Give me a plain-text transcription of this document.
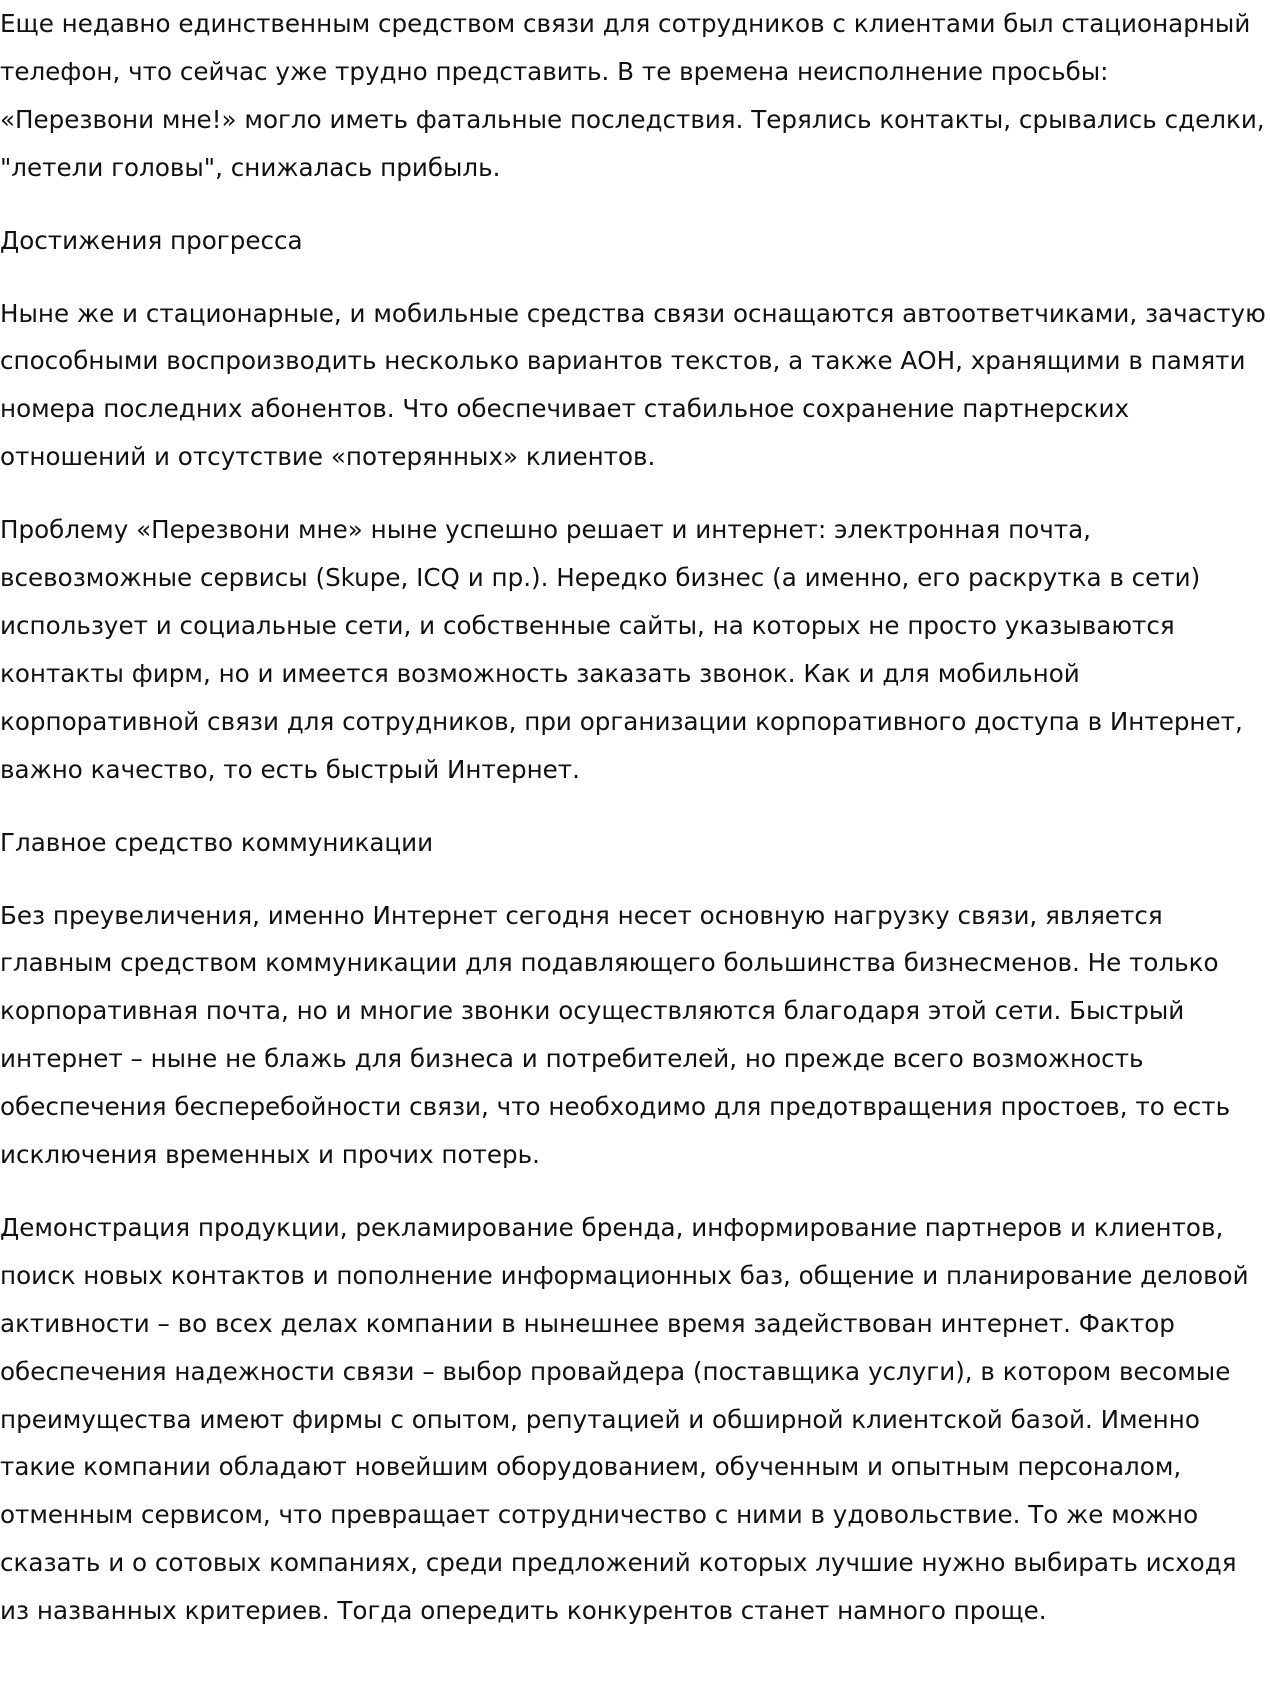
Еще недавно единственным средством связи для сотрудников с клиентами был стационарный телефон, что сейчас уже трудно представить. В те времена неисполнение просьбы: «Перезвони мне!» могло иметь фатальные последствия. Терялись контакты, срывались сделки, "летели головы", снижалась прибыль.

Достижения прогресса

Ныне же и стационарные, и мобильные средства связи оснащаются автоответчиками, зачастую способными воспроизводить несколько вариантов текстов, а также АОН, хранящими в памяти номера последних абонентов. Что обеспечивает стабильное сохранение партнерских отношений и отсутствие «потерянных» клиентов.

Проблему «Перезвони мне» ныне успешно решает и интернет: электронная почта, всевозможные сервисы (Skupe, ICQ и пр.). Нередко бизнес (а именно, его раскрутка в сети) использует и социальные сети, и собственные сайты, на которых не просто указываются контакты фирм, но и имеется возможность заказать звонок. Как и для мобильной корпоративной связи для сотрудников, при организации корпоративного доступа в Интернет, важно качество, то есть быстрый Интернет.

Главное средство коммуникации

Без преувеличения, именно Интернет сегодня несет основную нагрузку связи, является главным средством коммуникации для подавляющего большинства бизнесменов. Не только корпоративная почта, но и многие звонки осуществляются благодаря этой сети. Быстрый интернет – ныне не блажь для бизнеса и потребителей, но прежде всего возможность обеспечения бесперебойности связи, что необходимо для предотвращения простоев, то есть исключения временных и прочих потерь.

Демонстрация продукции, рекламирование бренда, информирование партнеров и клиентов, поиск новых контактов и пополнение информационных баз, общение и планирование деловой активности – во всех делах компании в нынешнее время задействован интернет. Фактор обеспечения надежности связи – выбор провайдера (поставщика услуги), в котором весомые преимущества имеют фирмы с опытом, репутацией и обширной клиентской базой. Именно такие компании обладают новейшим оборудованием, обученным и опытным персоналом, отменным сервисом, что превращает сотрудничество с ними в удовольствие. То же можно сказать и о сотовых компаниях, среди предложений которых лучшие нужно выбирать исходя из названных критериев. Тогда опередить конкурентов станет намного проще.
